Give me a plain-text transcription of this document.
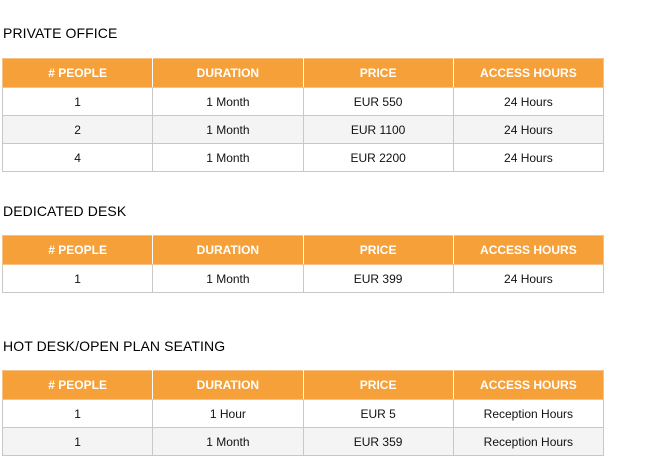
PRIVATE OFFICE
# PEOPLE	DURATION	PRICE	ACCESS HOURS
1	1 Month	EUR 550	24 Hours
2	1 Month	EUR 1100	24 Hours
4	1 Month	EUR 2200	24 Hours
DEDICATED DESK
# PEOPLE	DURATION	PRICE	ACCESS HOURS
1	1 Month	EUR 399	24 Hours
HOT DESK/OPEN PLAN SEATING
# PEOPLE	DURATION	PRICE	ACCESS HOURS
1	1 Hour	EUR 5	Reception Hours
1	1 Month	EUR 359	Reception Hours
